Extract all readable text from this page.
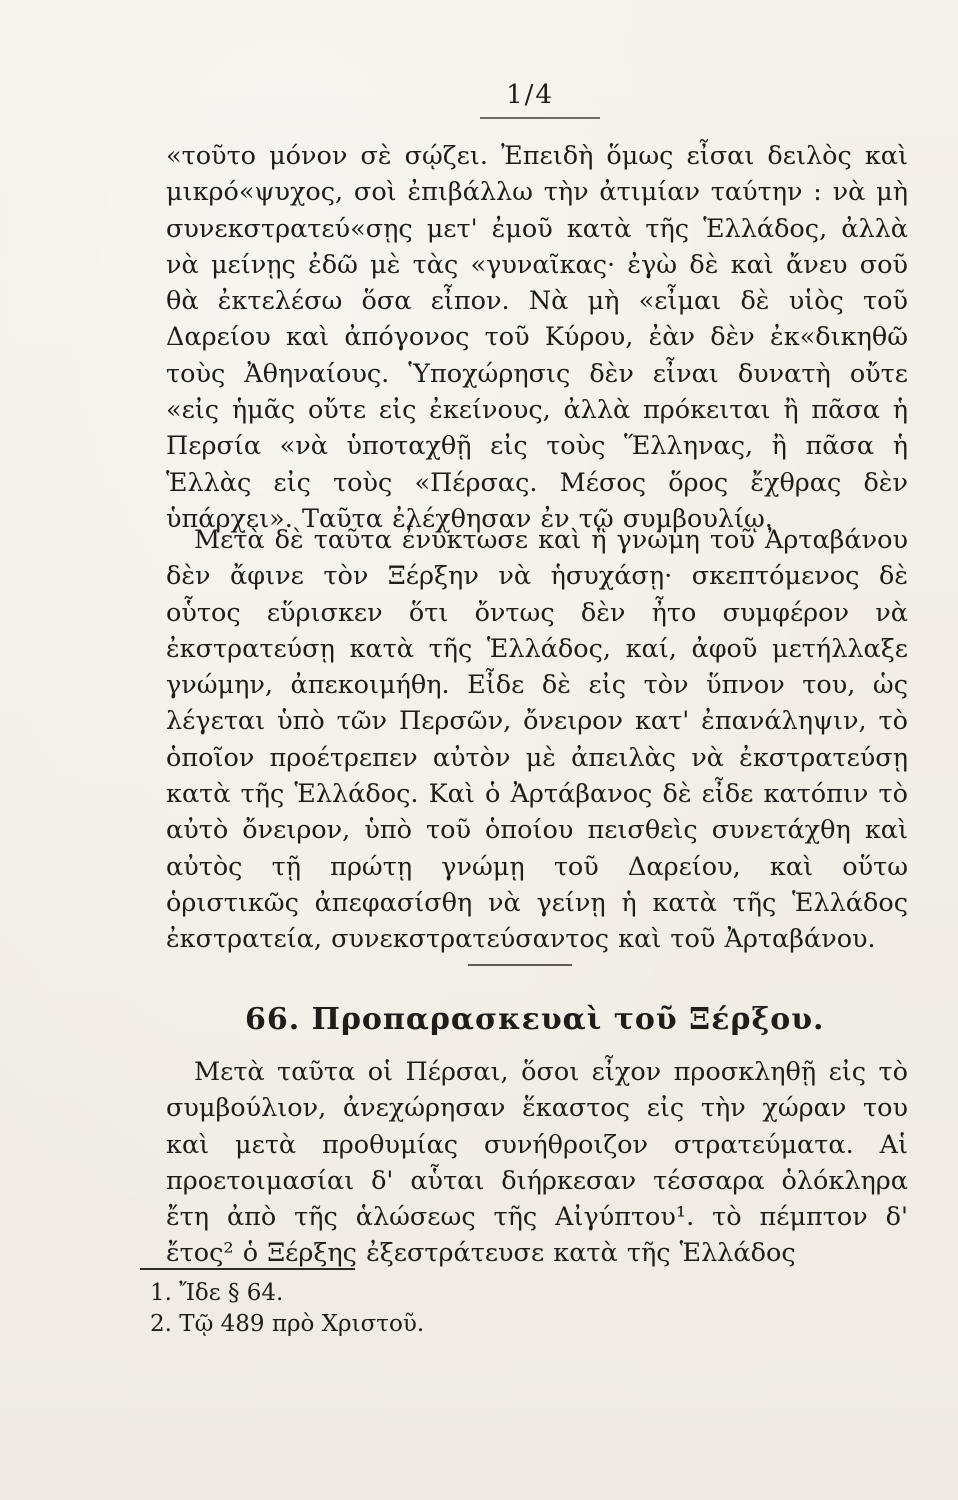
1/4

«τοῦτο μόνον σὲ σῴζει. Ἐπειδὴ ὅμως εἶσαι δειλὸς καὶ μικρό«ψυχος, σοὶ ἐπιβάλλω τὴν ἀτιμίαν ταύτην : νὰ μὴ συνεκστρατεύ«σῃς μετ' ἐμοῦ κατὰ τῆς Ἑλλάδος, ἀλλὰ νὰ μείνῃς ἐδῶ μὲ τὰς «γυναῖκας· ἐγὼ δὲ καὶ ἄνευ σοῦ θὰ ἐκτελέσω ὅσα εἶπον. Νὰ μὴ «εἶμαι δὲ υἱὸς τοῦ Δαρείου καὶ ἀπόγονος τοῦ Κύρου, ἐὰν δὲν ἐκ«δικηθῶ τοὺς Ἀθηναίους. Ὑποχώρησις δὲν εἶναι δυνατὴ οὔτε «εἰς ἡμᾶς οὔτε εἰς ἐκείνους, ἀλλὰ πρόκειται ἢ πᾶσα ἡ Περσία «νὰ ὑποταχθῇ εἰς τοὺς Ἕλληνας, ἢ πᾶσα ἡ Ἑλλὰς εἰς τοὺς «Πέρσας. Μέσος ὅρος ἔχθρας δὲν ὑπάρχει». Ταῦτα ἐλέχθησαν ἐν τῷ συμβουλίῳ.

Μετὰ δὲ ταῦτα ἐνύκτωσε καὶ ἡ γνώμη τοῦ Ἀρταβάνου δὲν ἄφινε τὸν Ξέρξην νὰ ἡσυχάσῃ· σκεπτόμενος δὲ οὗτος εὕρισκεν ὅτι ὄντως δὲν ἦτο συμφέρον νὰ ἐκστρατεύσῃ κατὰ τῆς Ἑλλάδος, καί, ἀφοῦ μετήλλαξε γνώμην, ἀπεκοιμήθη. Εἶδε δὲ εἰς τὸν ὕπνον του, ὡς λέγεται ὑπὸ τῶν Περσῶν, ὄνειρον κατ' ἐπανάληψιν, τὸ ὁποῖον προέτρεπεν αὐτὸν μὲ ἀπειλὰς νὰ ἐκστρατεύσῃ κατὰ τῆς Ἑλλάδος. Καὶ ὁ Ἀρτάβανος δὲ εἶδε κατόπιν τὸ αὐτὸ ὄνειρον, ὑπὸ τοῦ ὁποίου πεισθεὶς συνετάχθη καὶ αὐτὸς τῇ πρώτῃ γνώμῃ τοῦ Δαρείου, καὶ οὕτω ὁριστικῶς ἀπεφασίσθη νὰ γείνῃ ἡ κατὰ τῆς Ἑλλάδος ἐκστρατεία, συνεκστρατεύσαντος καὶ τοῦ Ἀρταβάνου.

66. Προπαρασκευαὶ τοῦ Ξέρξου.

Μετὰ ταῦτα οἱ Πέρσαι, ὅσοι εἶχον προσκληθῇ εἰς τὸ συμβούλιον, ἀνεχώρησαν ἕκαστος εἰς τὴν χώραν του καὶ μετὰ προθυμίας συνήθροιζον στρατεύματα. Αἱ προετοιμασίαι δ' αὗται διήρκεσαν τέσσαρα ὁλόκληρα ἔτη ἀπὸ τῆς ἁλώσεως τῆς Αἰγύπτου¹. τὸ πέμπτον δ' ἔτος² ὁ Ξέρξης ἐξεστράτευσε κατὰ τῆς Ἑλλάδος

1. Ἴδε § 64.
2. Τῷ 489 πρὸ Χριστοῦ.
